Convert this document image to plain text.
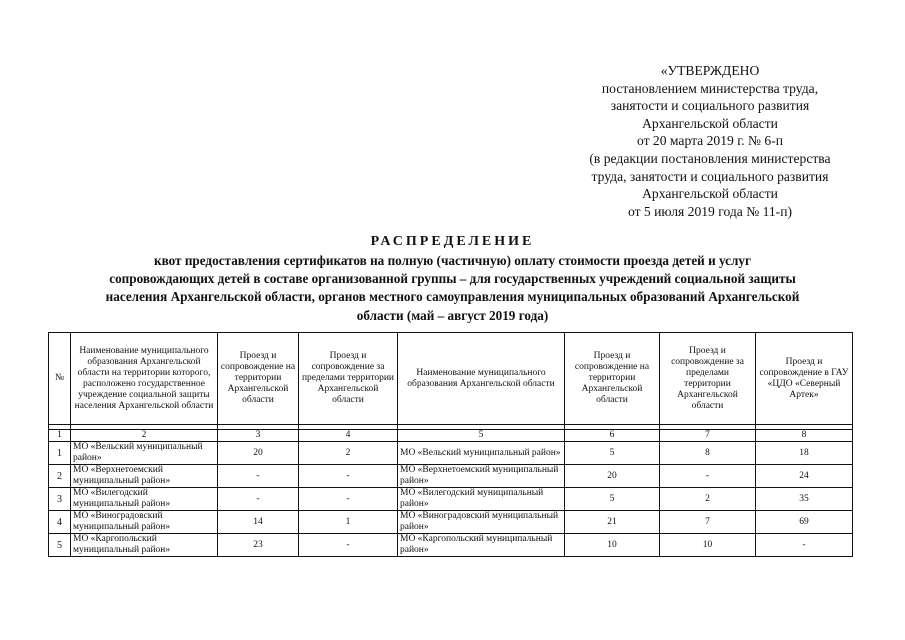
«УТВЕРЖДЕНО
постановлением министерства труда,
занятости и социального развития
Архангельской области
от 20 марта 2019 г. № 6-п
(в редакции постановления министерства
труда, занятости и социального развития
Архангельской области
от 5 июля 2019 года № 11-п)
РАСПРЕДЕЛЕНИЕ
квот предоставления сертификатов на полную (частичную) оплату стоимости проезда детей и услуг
сопровождающих детей в составе организованной группы – для государственных учреждений социальной защиты
населения Архангельской области, органов местного самоуправления муниципальных образований Архангельской
области (май – август 2019 года)
№	Наименование муниципального образования Архангельской области на территории которого, расположено государственное учреждение социальной защиты населения Архангельской области	Проезд и сопровождение на территории Архангельской области	Проезд и сопровождение за пределами территории Архангельской области	Наименование муниципального образования Архангельской области	Проезд и сопровождение на территории Архангельской области	Проезд и сопровождение за пределами территории Архангельской области	Проезд и сопровождение в ГАУ «ЦДО «Северный Артек»

1	2	3	4	5	6	7	8
1	МО «Вельский муниципальный район»	20	2	МО «Вельский муниципальный район»	5	8	18
2	МО «Верхнетоемский муниципальный район»	-	-	МО «Верхнетоемский муниципальный район»	20	-	24
3	МО «Вилегодский муниципальный район»	-	-	МО «Вилегодский муниципальный район»	5	2	35
4	МО «Виноградовский муниципальный район»	14	1	МО «Виноградовский муниципальный район»	21	7	69
5	МО «Каргопольский муниципальный район»	23	-	МО «Каргопольский муниципальный район»	10	10	-
